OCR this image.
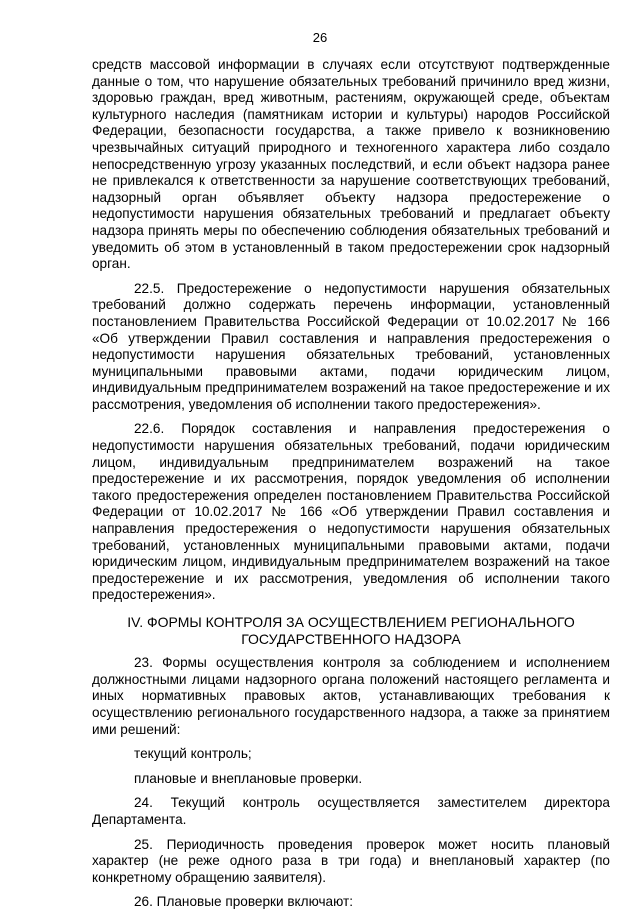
26

средств массовой информации в случаях если отсутствуют подтвержденные данные о том, что нарушение обязательных требований причинило вред жизни, здоровью граждан, вред животным, растениям, окружающей среде, объектам культурного наследия (памятникам истории и культуры) народов Российской Федерации, безопасности государства, а также привело к возникновению чрезвычайных ситуаций природного и техногенного характера либо создало непосредственную угрозу указанных последствий, и если объект надзора ранее не привлекался к ответственности за нарушение соответствующих требований, надзорный орган объявляет объекту надзора предостережение о недопустимости нарушения обязательных требований и предлагает объекту надзора принять меры по обеспечению соблюдения обязательных требований и уведомить об этом в установленный в таком предостережении срок надзорный орган.

22.5. Предостережение о недопустимости нарушения обязательных требований должно содержать перечень информации, установленный постановлением Правительства Российской Федерации от 10.02.2017 № 166 «Об утверждении Правил составления и направления предостережения о недопустимости нарушения обязательных требований, установленных муниципальными правовыми актами, подачи юридическим лицом, индивидуальным предпринимателем возражений на такое предостережение и их рассмотрения, уведомления об исполнении такого предостережения».

22.6. Порядок составления и направления предостережения о недопустимости нарушения обязательных требований, подачи юридическим лицом, индивидуальным предпринимателем возражений на такое предостережение и их рассмотрения, порядок уведомления об исполнении такого предостережения определен постановлением Правительства Российской Федерации от 10.02.2017 № 166 «Об утверждении Правил составления и направления предостережения о недопустимости нарушения обязательных требований, установленных муниципальными правовыми актами, подачи юридическим лицом, индивидуальным предпринимателем возражений на такое предостережение и их рассмотрения, уведомления об исполнении такого предостережения».

IV. ФОРМЫ КОНТРОЛЯ ЗА ОСУЩЕСТВЛЕНИЕМ РЕГИОНАЛЬНОГО
ГОСУДАРСТВЕННОГО НАДЗОРА

23. Формы осуществления контроля за соблюдением и исполнением должностными лицами надзорного органа положений настоящего регламента и иных нормативных правовых актов, устанавливающих требования к осуществлению регионального государственного надзора, а также за принятием ими решений:

текущий контроль;

плановые и внеплановые проверки.

24. Текущий контроль осуществляется заместителем директора Департамента.

25. Периодичность проведения проверок может носить плановый характер (не реже одного раза в три года) и внеплановый характер (по конкретному обращению заявителя).

26. Плановые проверки включают:
